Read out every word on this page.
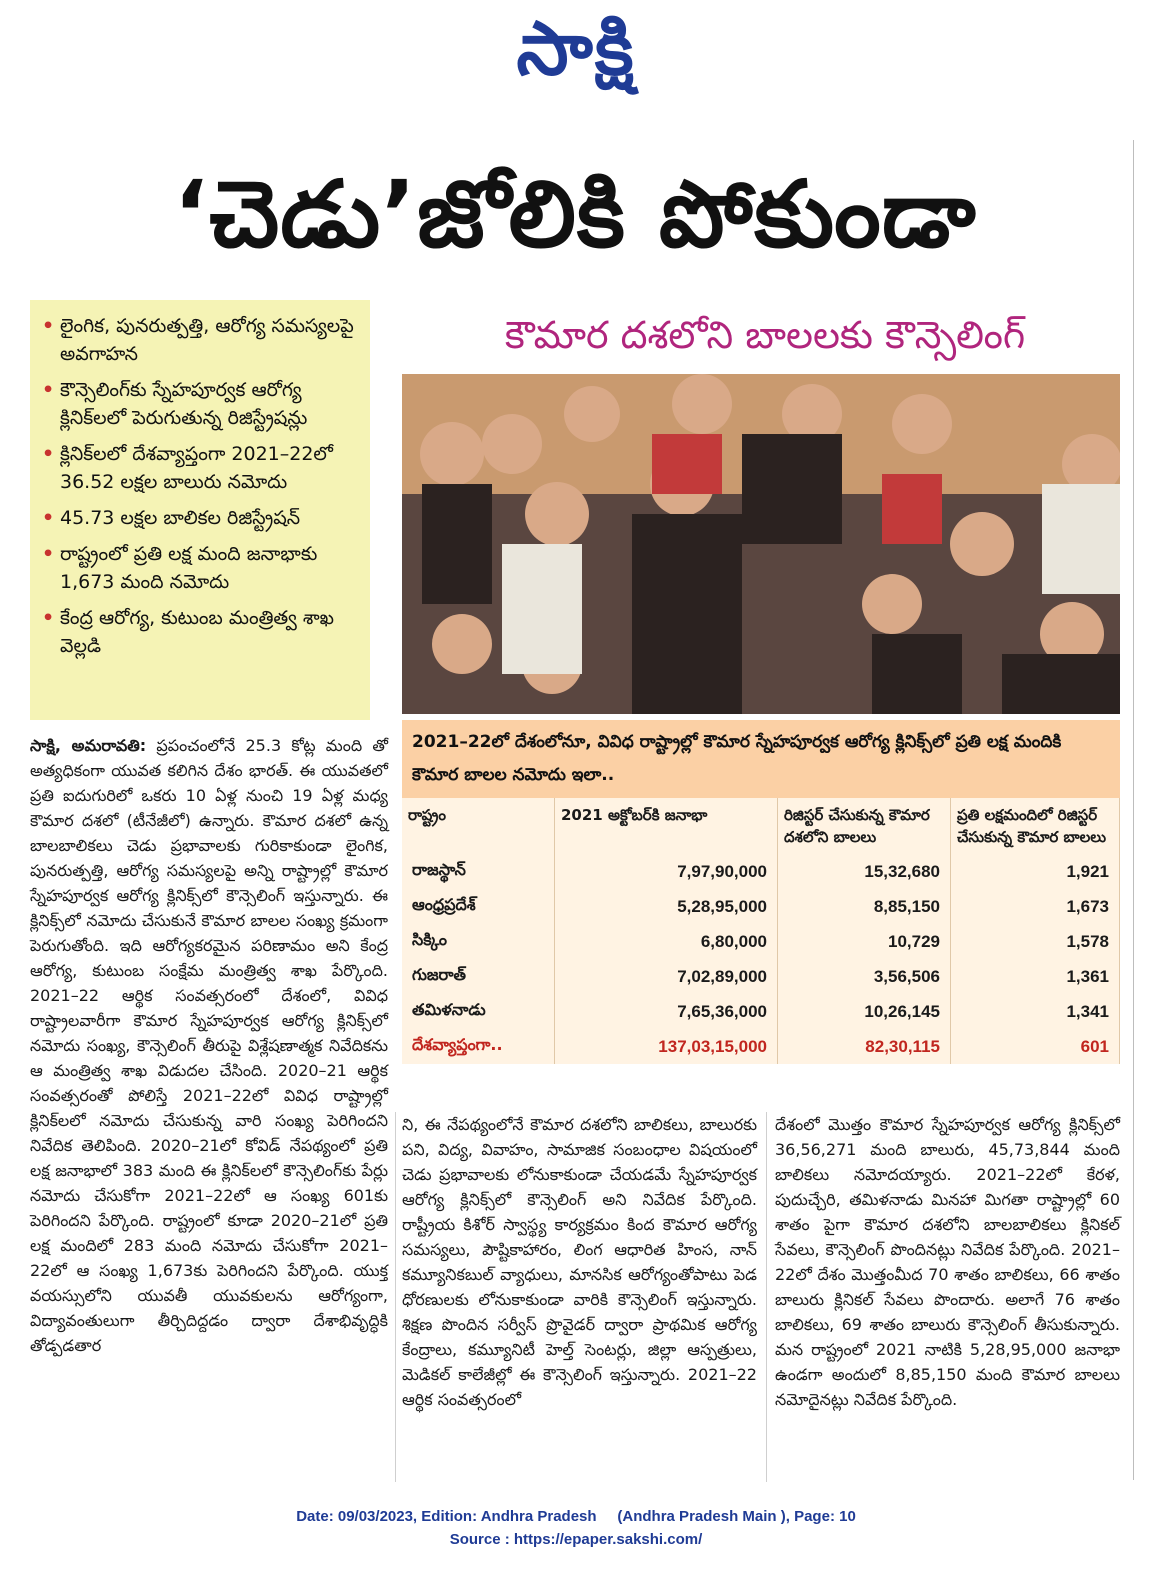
సాక్షి
‘చెడు’జోలికి పోకుండా
కౌమార దశలోని బాలలకు కౌన్సెలింగ్‌
• లైంగిక, పునరుత్పత్తి, ఆరోగ్య సమస్యలపై అవగాహన
• కౌన్సెలింగ్‌కు స్నేహపూర్వక ఆరోగ్య క్లినిక్‌లలో పెరుగుతున్న రిజిస్ట్రేషన్లు
• క్లినిక్‌లలో దేశవ్యాప్తంగా 2021–22లో 36.52 లక్షల బాలురు నమోదు
• 45.73 లక్షల బాలికల రిజిస్ట్రేషన్‌
• రాష్ట్రంలో ప్రతి లక్ష మంది జనాభాకు 1,673 మంది నమోదు
• కేంద్ర ఆరోగ్య, కుటుంబ మంత్రిత్వ శాఖ వెల్లడి
2021–22లో దేశంలోనూ, వివిధ రాష్ట్రాల్లో కౌమార స్నేహపూర్వక ఆరోగ్య క్లినిక్స్‌లో ప్రతి లక్ష మందికి కౌమార బాలల నమోదు ఇలా..
రాష్ట్రం	2021 అక్టోబర్‌కి జనాభా	రిజిస్టర్‌ చేసుకున్న కౌమార దశలోని బాలలు	ప్రతి లక్షమందిలో రిజిస్టర్‌ చేసుకున్న కౌమార బాలలు
రాజస్థాన్‌	7,97,90,000	15,32,680	1,921
ఆంధ్రప్రదేశ్‌	5,28,95,000	8,85,150	1,673
సిక్కిం	6,80,000	10,729	1,578
గుజరాత్‌	7,02,89,000	3,56,506	1,361
తమిళనాడు	7,65,36,000	10,26,145	1,341
దేశవ్యాప్తంగా..	137,03,15,000	82,30,115	601

సాక్షి, అమరావతి: ప్రపంచంలోనే 25.3 కోట్ల మంది తో అత్యధికంగా యువత కలిగిన దేశం భారత్‌. ఈ యువతలో ప్రతి ఐదుగురిలో ఒకరు 10 ఏళ్ల నుంచి 19 ఏళ్ల మధ్య కౌమార దశలో (టీనేజీలో) ఉన్నారు. కౌమార దశలో ఉన్న బాలబాలికలు చెడు ప్రభావాలకు గురికాకుండా లైంగిక, పునరుత్పత్తి, ఆరోగ్య సమస్యలపై అన్ని రాష్ట్రాల్లో కౌమార స్నేహపూర్వక ఆరోగ్య క్లినిక్స్‌లో కౌన్సెలింగ్‌ ఇస్తున్నారు. ఈ క్లినిక్స్‌లో నమోదు చేసుకునే కౌమార బాలల సంఖ్య క్రమంగా పెరుగుతోంది. ఇది ఆరోగ్యకరమైన పరిణామం అని కేంద్ర ఆరోగ్య, కుటుంబ సంక్షేమ మంత్రిత్వ శాఖ పేర్కొంది. 2021–22 ఆర్థిక సంవత్సరంలో దేశంలో, వివిధ రాష్ట్రాలవారీగా కౌమార స్నేహపూర్వక ఆరోగ్య క్లినిక్స్‌లో నమోదు సంఖ్య, కౌన్సెలింగ్‌ తీరుపై విశ్లేషణాత్మక నివేదికను ఆ మంత్రిత్వ శాఖ విడుదల చేసింది. 2020–21 ఆర్థిక సంవత్సరంతో పోలిస్తే 2021–22లో వివిధ రాష్ట్రాల్లో క్లినిక్‌లలో నమోదు చేసుకున్న వారి సంఖ్య పెరిగిందని నివేదిక తెలిపింది. 2020–21లో కోవిడ్‌ నేపథ్యంలో ప్రతి లక్ష జనాభాలో 383 మంది ఈ క్లినిక్‌లలో కౌన్సెలింగ్‌కు పేర్లు నమోదు చేసుకోగా 2021–22లో ఆ సంఖ్య 601కు పెరిగిందని పేర్కొంది. రాష్ట్రంలో కూడా 2020–21లో ప్రతి లక్ష మందిలో 283 మంది నమోదు చేసుకోగా 2021–22లో ఆ సంఖ్య 1,673కు పెరిగిందని పేర్కొంది. యుక్త వయస్సులోని యువతీ యువకులను ఆరోగ్యంగా, విద్యావంతులుగా తీర్చిదిద్దడం ద్వారా దేశాభివృద్ధికి తోడ్పడతార

ని, ఈ నేపథ్యంలోనే కౌమార దశలోని బాలికలు, బాలురకు పని, విద్య, వివాహం, సామాజిక సంబంధాల విషయంలో చెడు ప్రభావాలకు లోనుకాకుండా చేయడమే స్నేహపూర్వక ఆరోగ్య క్లినిక్స్‌లో కౌన్సెలింగ్‌ అని నివేదిక పేర్కొంది. రాష్ట్రీయ కిశోర్‌ స్వాస్థ్య కార్యక్రమం కింద కౌమార ఆరోగ్య సమస్యలు, పౌష్టికాహారం, లింగ ఆధారిత హింస, నాన్‌ కమ్యూనికబుల్‌ వ్యాధులు, మానసిక ఆరోగ్యంతోపాటు పెడ ధోరణులకు లోనుకాకుండా వారికి కౌన్సెలింగ్‌ ఇస్తున్నారు. శిక్షణ పొందిన సర్వీస్‌ ప్రొవైడర్‌ ద్వారా ప్రాథమిక ఆరోగ్య కేంద్రాలు, కమ్యూనిటీ హెల్త్‌ సెంటర్లు, జిల్లా ఆస్పత్రులు, మెడికల్‌ కాలేజీల్లో ఈ కౌన్సెలింగ్‌ ఇస్తున్నారు. 2021–22 ఆర్థిక సంవత్సరంలో

దేశంలో మొత్తం కౌమార స్నేహపూర్వక ఆరోగ్య క్లినిక్స్‌లో 36,56,271 మంది బాలురు, 45,73,844 మంది బాలికలు నమోదయ్యారు. 2021–22లో కేరళ, పుదుచ్చేరి, తమిళనాడు మినహా మిగతా రాష్ట్రాల్లో 60 శాతం పైగా కౌమార దశలోని బాలబాలికలు క్లినికల్‌ సేవలు, కౌన్సెలింగ్‌ పొందినట్లు నివేదిక పేర్కొంది. 2021–22లో దేశం మొత్తంమీద 70 శాతం బాలికలు, 66 శాతం బాలురు క్లినికల్‌ సేవలు పొందారు. అలాగే 76 శాతం బాలికలు, 69 శాతం బాలురు కౌన్సెలింగ్‌ తీసుకున్నారు. మన రాష్ట్రంలో 2021 నాటికి 5,28,95,000 జనాభా ఉండగా అందులో 8,85,150 మంది కౌమార బాలలు నమోదైనట్లు నివేదిక పేర్కొంది.

Date: 09/03/2023, Edition: Andhra Pradesh     (Andhra Pradesh Main ), Page: 10
Source : https://epaper.sakshi.com/
